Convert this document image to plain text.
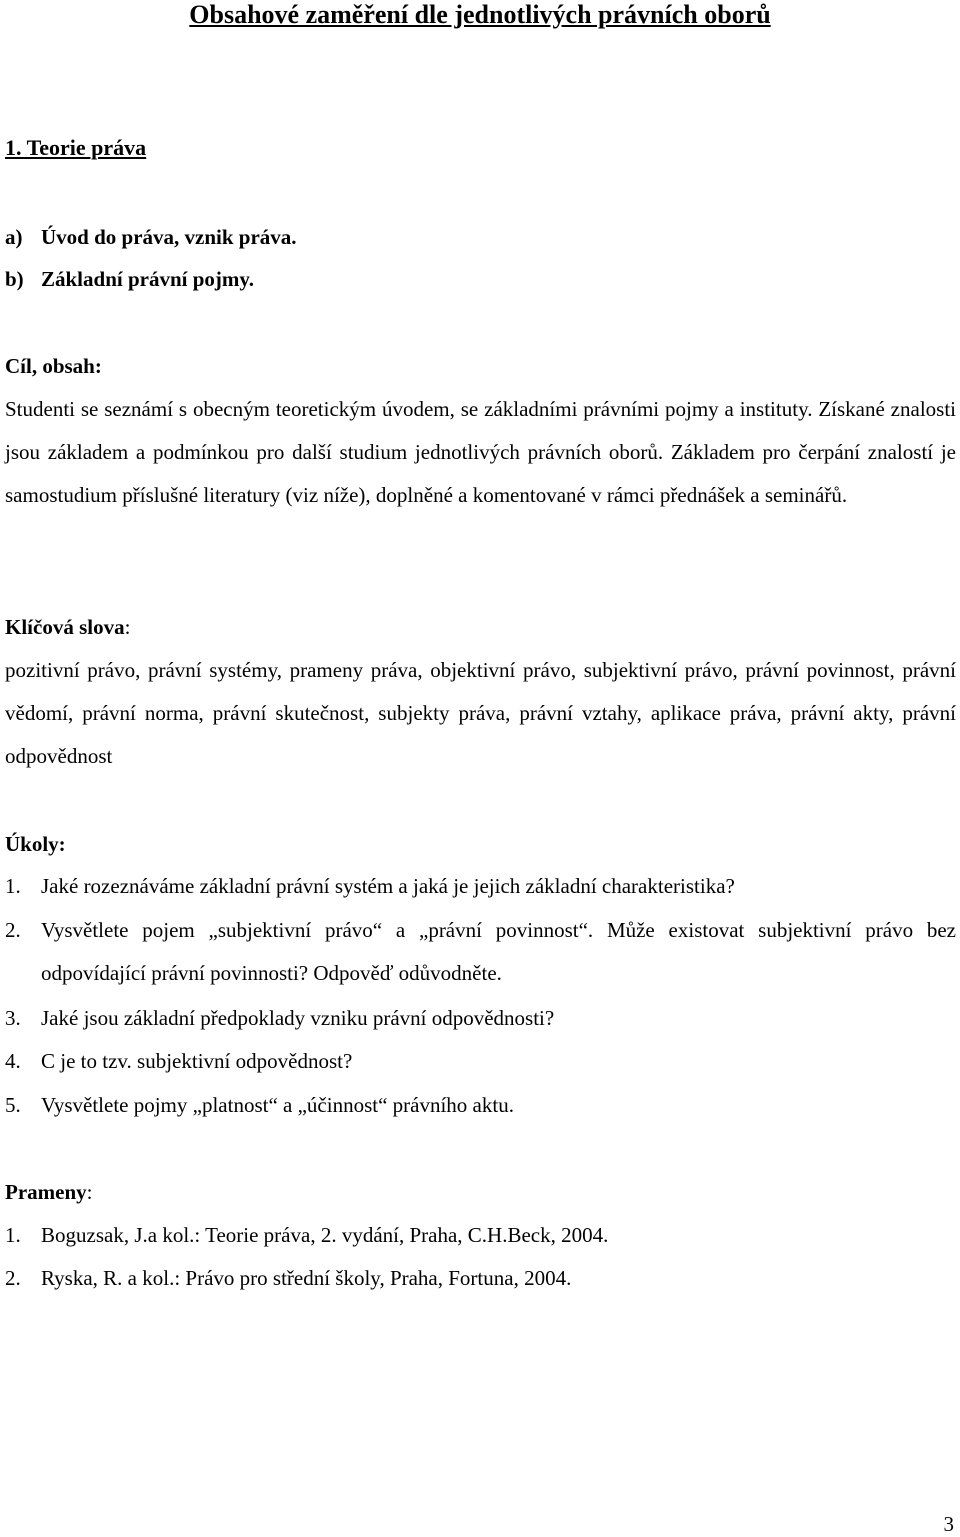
Obsahové zaměření dle jednotlivých právních oborů
1. Teorie práva
a) Úvod do práva, vznik práva.
b) Základní právní pojmy.
Cíl, obsah:
Studenti se seznámí s obecným teoretickým úvodem, se základními právními pojmy a instituty. Získané znalosti jsou základem a podmínkou pro další studium jednotlivých právních oborů. Základem pro čerpání znalostí je samostudium příslušné literatury (viz níže), doplněné a komentované v rámci přednášek a seminářů.
Klíčová slova:
pozitivní právo, právní systémy, prameny práva, objektivní právo, subjektivní právo, právní povinnost, právní vědomí, právní norma, právní skutečnost, subjekty práva, právní vztahy, aplikace práva, právní akty, právní odpovědnost
Úkoly:
1. Jaké rozeznáváme základní právní systém a jaká je jejich základní charakteristika?
2. Vysvětlete pojem „subjektivní právo“ a „právní povinnost“. Může existovat subjektivní právo bez odpovídající právní povinnosti? Odpověď odůvodněte.
3. Jaké jsou základní předpoklady vzniku právní odpovědnosti?
4. C je to tzv. subjektivní odpovědnost?
5. Vysvětlete pojmy „platnost“ a „účinnost“ právního aktu.
Prameny:
1. Boguzsak, J.a kol.: Teorie práva, 2. vydání, Praha, C.H.Beck, 2004.
2. Ryska, R. a kol.: Právo pro střední školy, Praha, Fortuna, 2004.
3
